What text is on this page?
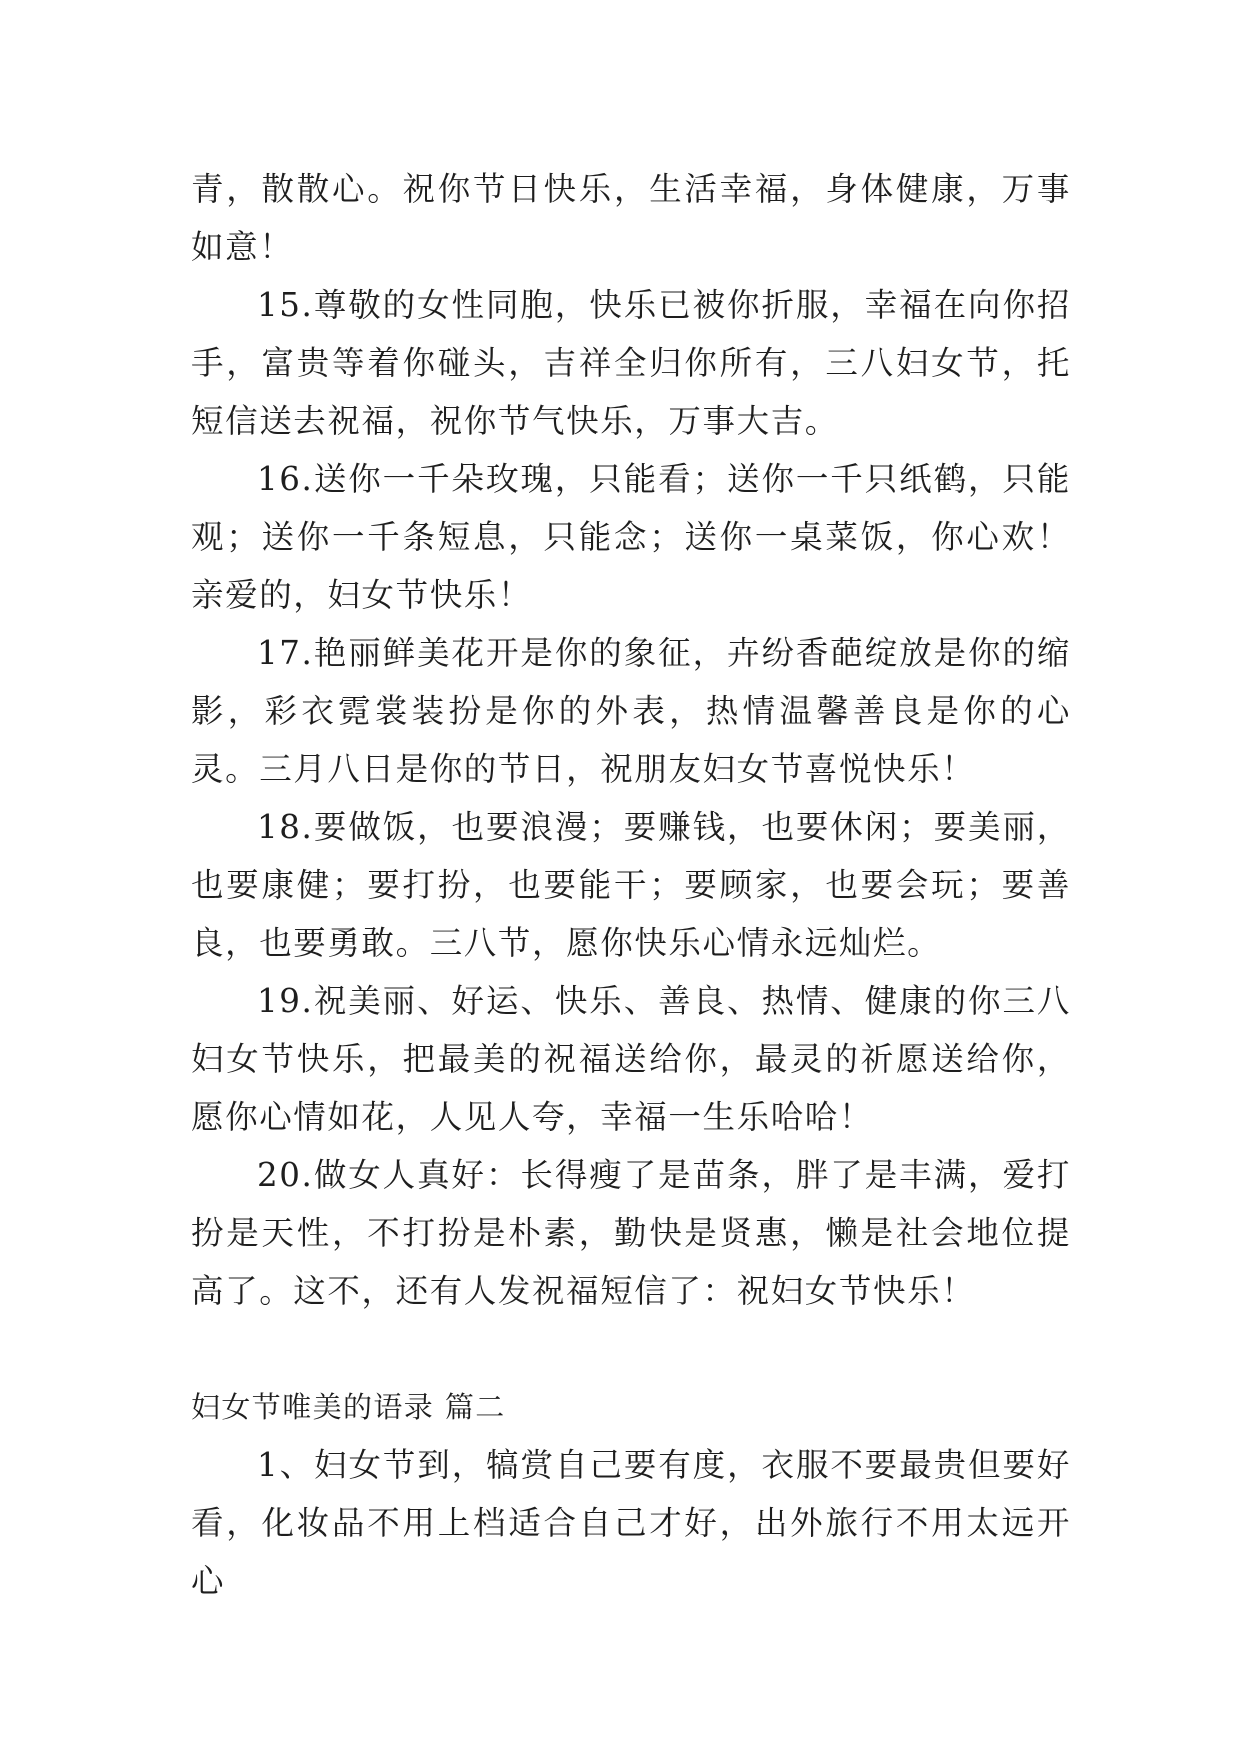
青，散散心。祝你节日快乐，生活幸福，身体健康，万事如意！

15.尊敬的女性同胞，快乐已被你折服，幸福在向你招手，富贵等着你碰头，吉祥全归你所有，三八妇女节，托短信送去祝福，祝你节气快乐，万事大吉。

16.送你一千朵玫瑰，只能看；送你一千只纸鹤，只能观；送你一千条短息，只能念；送你一桌菜饭，你心欢！亲爱的，妇女节快乐！

17.艳丽鲜美花开是你的象征，卉纷香葩绽放是你的缩影，彩衣霓裳装扮是你的外表，热情温馨善良是你的心灵。三月八日是你的节日，祝朋友妇女节喜悦快乐！

18.要做饭，也要浪漫；要赚钱，也要休闲；要美丽，也要康健；要打扮，也要能干；要顾家，也要会玩；要善良，也要勇敢。三八节，愿你快乐心情永远灿烂。

19.祝美丽、好运、快乐、善良、热情、健康的你三八妇女节快乐，把最美的祝福送给你，最灵的祈愿送给你，愿你心情如花，人见人夸，幸福一生乐哈哈！

20.做女人真好：长得瘦了是苗条，胖了是丰满，爱打扮是天性，不打扮是朴素，勤快是贤惠，懒是社会地位提高了。这不，还有人发祝福短信了：祝妇女节快乐！

妇女节唯美的语录 篇二

1、妇女节到，犒赏自己要有度，衣服不要最贵但要好看，化妆品不用上档适合自己才好，出外旅行不用太远开心
